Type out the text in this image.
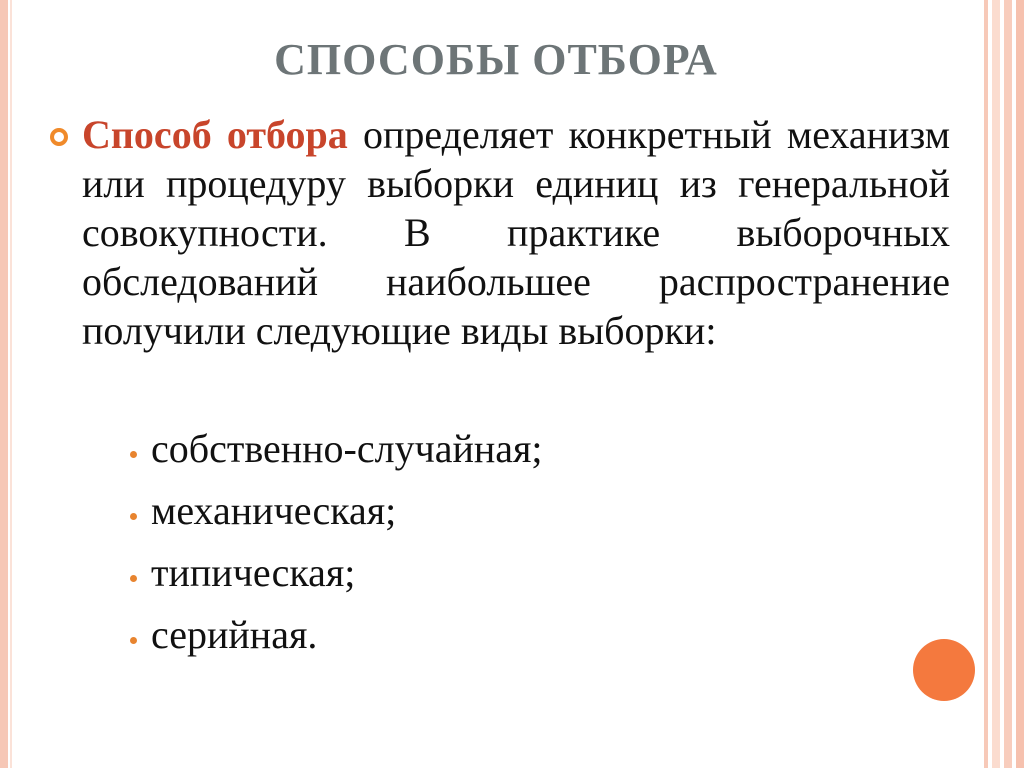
СПОСОБЫ ОТБОРА
Способ отбора определяет конкретный механизм или процедуру выборки единиц из генеральной совокупности. В практике выборочных обследований наибольшее распространение получили следующие виды выборки:
собственно-случайная;
механическая;
типическая;
серийная.
